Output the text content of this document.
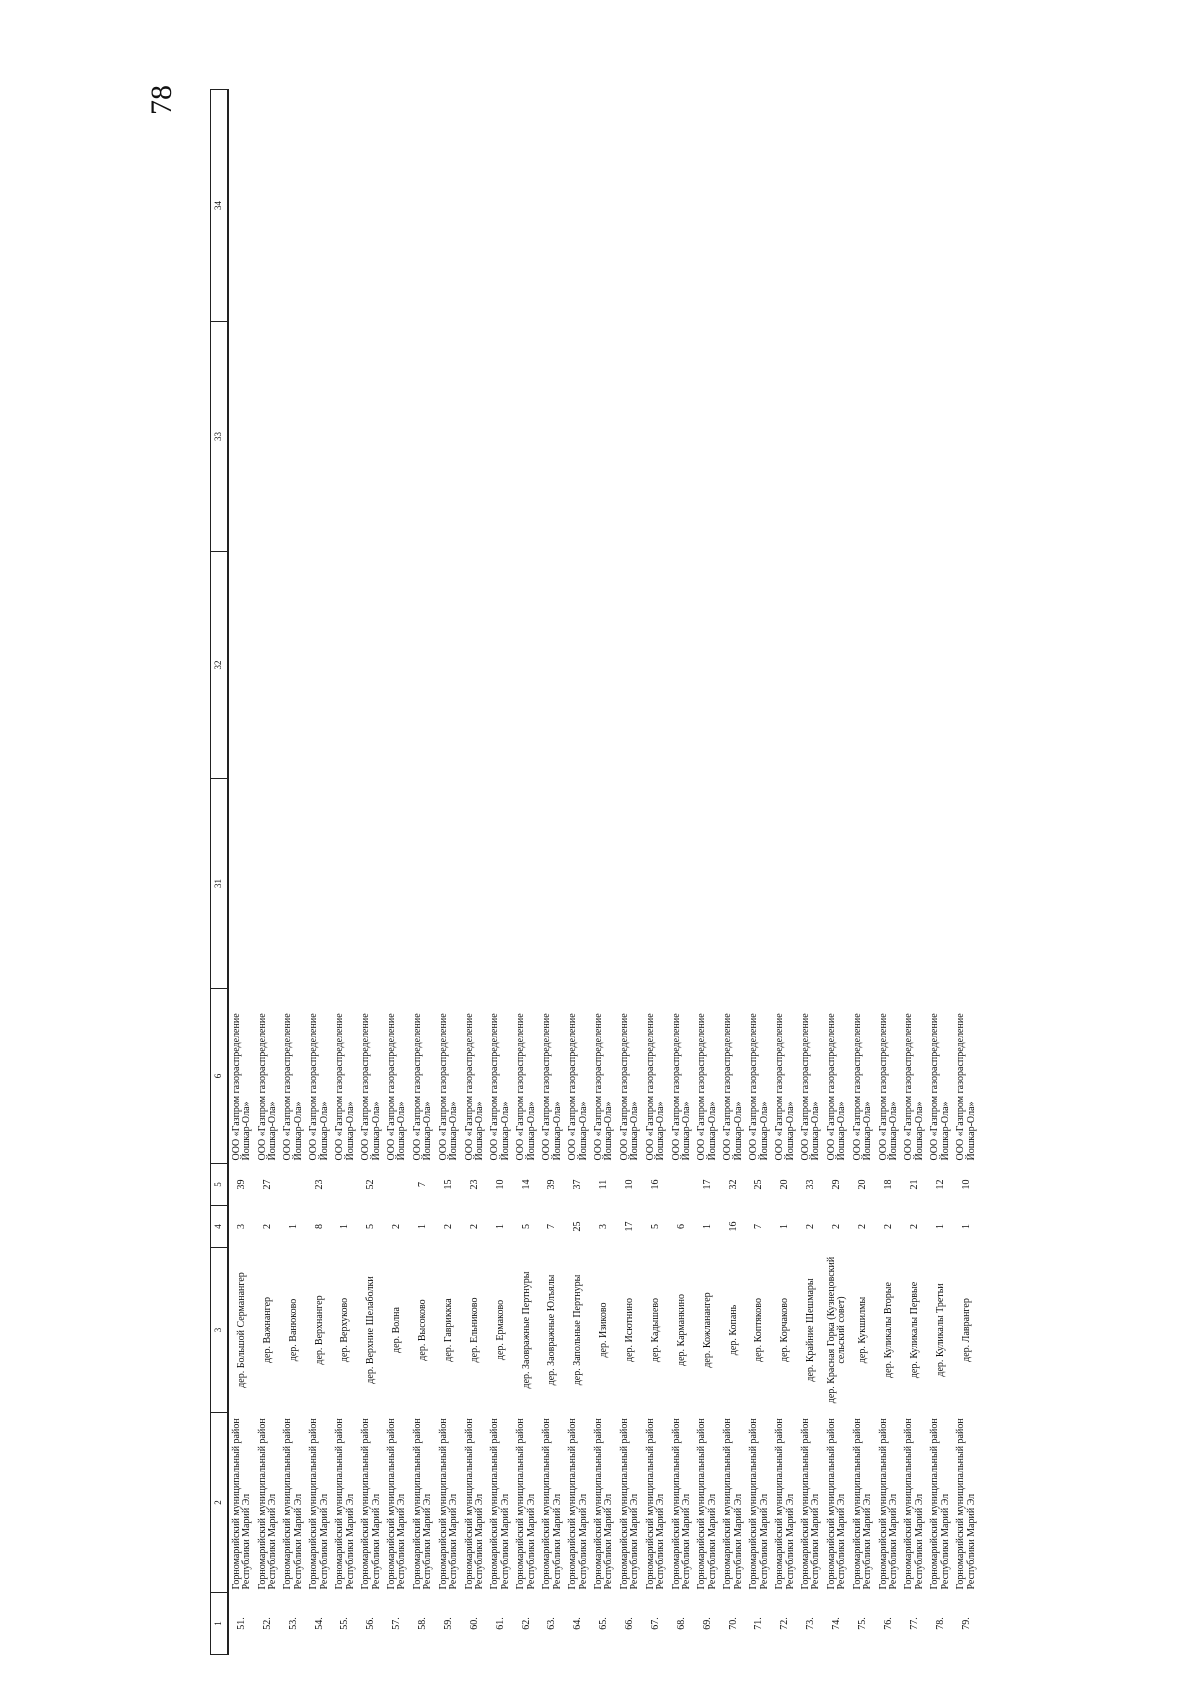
78
1	2	3	4	5	6	31	32	33	34
51.	Горномарийский муниципальный район Республики Марий Эл	дер. Большой Серманангер	3	39	ООО «Газпром газораспределение Йошкар-Ола»				
52.	Горномарийский муниципальный район Республики Марий Эл	дер. Важнангер	2	27	ООО «Газпром газораспределение Йошкар-Ола»				
53.	Горномарийский муниципальный район Республики Марий Эл	дер. Ванюково	1		ООО «Газпром газораспределение Йошкар-Ола»				
54.	Горномарийский муниципальный район Республики Марий Эл	дер. Верхнангер	8	23	ООО «Газпром газораспределение Йошкар-Ола»				
55.	Горномарийский муниципальный район Республики Марий Эл	дер. Верхуково	1		ООО «Газпром газораспределение Йошкар-Ола»				
56.	Горномарийский муниципальный район Республики Марий Эл	дер. Верхние Шелаболки	5	52	ООО «Газпром газораспределение Йошкар-Ола»				
57.	Горномарийский муниципальный район Республики Марий Эл	дер. Волна	2		ООО «Газпром газораспределение Йошкар-Ола»				
58.	Горномарийский муниципальный район Республики Марий Эл	дер. Высоково	1	7	ООО «Газпром газораспределение Йошкар-Ола»				
59.	Горномарийский муниципальный район Республики Марий Эл	дер. Гавриккка	2	15	ООО «Газпром газораспределение Йошкар-Ола»				
60.	Горномарийский муниципальный район Республики Марий Эл	дер. Ельниково	2	23	ООО «Газпром газораспределение Йошкар-Ола»				
61.	Горномарийский муниципальный район Республики Марий Эл	дер. Ермаково	1	10	ООО «Газпром газораспределение Йошкар-Ола»				
62.	Горномарийский муниципальный район Республики Марий Эл	дер. Заовражные Пертнуры	5	14	ООО «Газпром газораспределение Йошкар-Ола»				
63.	Горномарийский муниципальный район Республики Марий Эл	дер. Заовражные Юлъялы	7	39	ООО «Газпром газораспределение Йошкар-Ола»				
64.	Горномарийский муниципальный район Республики Марий Эл	дер. Запольные Пертнуры	25	37	ООО «Газпром газораспределение Йошкар-Ола»				
65.	Горномарийский муниципальный район Республики Марий Эл	дер. Изиково	3	11	ООО «Газпром газораспределение Йошкар-Ола»				
66.	Горномарийский муниципальный район Республики Марий Эл	дер. Исютнино	17	10	ООО «Газпром газораспределение Йошкар-Ола»				
67.	Горномарийский муниципальный район Республики Марий Эл	дер. Кадышево	5	16	ООО «Газпром газораспределение Йошкар-Ола»				
68.	Горномарийский муниципальный район Республики Марий Эл	дер. Карманкино	6		ООО «Газпром газораспределение Йошкар-Ола»				
69.	Горномарийский муниципальный район Республики Марий Эл	дер. Кожланангер	1	17	ООО «Газпром газораспределение Йошкар-Ола»				
70.	Горномарийский муниципальный район Республики Марий Эл	дер. Копань	16	32	ООО «Газпром газораспределение Йошкар-Ола»				
71.	Горномарийский муниципальный район Республики Марий Эл	дер. Коптяково	7	25	ООО «Газпром газораспределение Йошкар-Ола»				
72.	Горномарийский муниципальный район Республики Марий Эл	дер. Корчаково	1	20	ООО «Газпром газораспределение Йошкар-Ола»				
73.	Горномарийский муниципальный район Республики Марий Эл	дер. Крайние Шешмары	2	33	ООО «Газпром газораспределение Йошкар-Ола»				
74.	Горномарийский муниципальный район Республики Марий Эл	дер. Красная Горка (Кузнецовский сельский совет)	2	29	ООО «Газпром газораспределение Йошкар-Ола»				
75.	Горномарийский муниципальный район Республики Марий Эл	дер. Кукшилмы	2	20	ООО «Газпром газораспределение Йошкар-Ола»				
76.	Горномарийский муниципальный район Республики Марий Эл	дер. Куликалы Вторые	2	18	ООО «Газпром газораспределение Йошкар-Ола»				
77.	Горномарийский муниципальный район Республики Марий Эл	дер. Куликалы Первые	2	21	ООО «Газпром газораспределение Йошкар-Ола»				
78.	Горномарийский муниципальный район Республики Марий Эл	дер. Куликалы Третьи	1	12	ООО «Газпром газораспределение Йошкар-Ола»				
79.	Горномарийский муниципальный район Республики Марий Эл	дер. Лаврангер	1	10	ООО «Газпром газораспределение Йошкар-Ола»				
